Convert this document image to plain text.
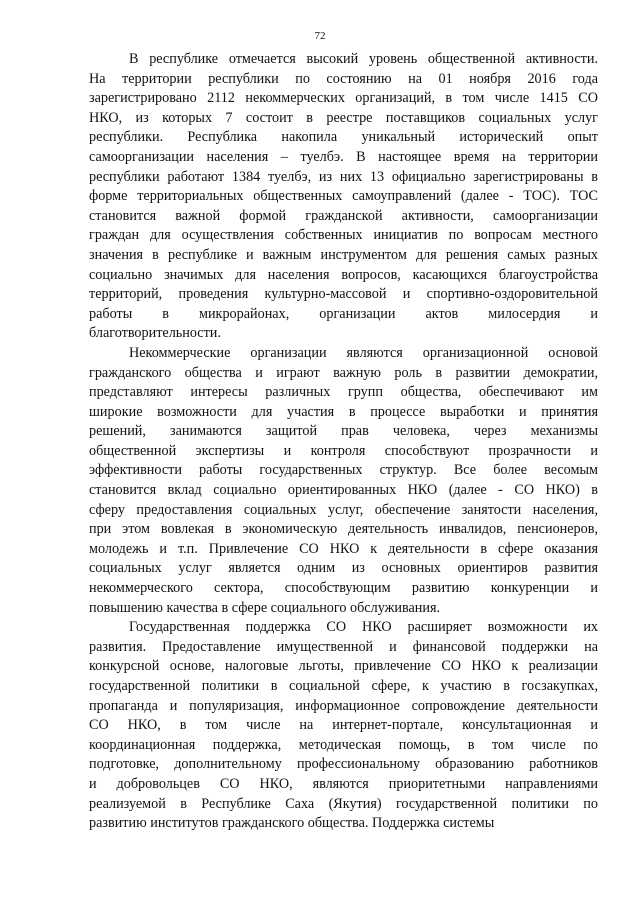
72
В республике отмечается высокий уровень общественной активности.
На территории республики по состоянию на 01 ноября 2016 года
зарегистрировано 2112 некоммерческих организаций, в том числе 1415 СО
НКО, из которых 7 состоит в реестре поставщиков социальных услуг
республики. Республика накопила уникальный исторический опыт
самоорганизации населения – туелбэ. В настоящее время на территории
республики работают 1384 туелбэ, из них 13 официально зарегистрированы в
форме территориальных общественных самоуправлений (далее - ТОС). ТОС
становится важной формой гражданской активности, самоорганизации
граждан для осуществления собственных инициатив по вопросам местного
значения в республике и важным инструментом для решения самых разных
социально значимых для населения вопросов, касающихся благоустройства
территорий, проведения культурно-массовой и спортивно-оздоровительной
работы в микрорайонах, организации актов милосердия и
благотворительности.
Некоммерческие организации являются организационной основой
гражданского общества и играют важную роль в развитии демократии,
представляют интересы различных групп общества, обеспечивают им
широкие возможности для участия в процессе выработки и принятия
решений, занимаются защитой прав человека, через механизмы
общественной экспертизы и контроля способствуют прозрачности и
эффективности работы государственных структур. Все более весомым
становится вклад социально ориентированных НКО (далее - СО НКО) в
сферу предоставления социальных услуг, обеспечение занятости населения,
при этом вовлекая в экономическую деятельность инвалидов, пенсионеров,
молодежь и т.п. Привлечение СО НКО к деятельности в сфере оказания
социальных услуг является одним из основных ориентиров развития
некоммерческого сектора, способствующим развитию конкуренции и
повышению качества в сфере социального обслуживания.
Государственная поддержка СО НКО расширяет возможности их
развития. Предоставление имущественной и финансовой поддержки на
конкурсной основе, налоговые льготы, привлечение СО НКО к реализации
государственной политики в социальной сфере, к участию в госзакупках,
пропаганда и популяризация, информационное сопровождение деятельности
СО НКО, в том числе на интернет-портале, консультационная и
координационная поддержка, методическая помощь, в том числе по
подготовке, дополнительному профессиональному образованию работников
и добровольцев СО НКО, являются приоритетными направлениями
реализуемой в Республике Саха (Якутия) государственной политики по
развитию институтов гражданского общества. Поддержка системы
